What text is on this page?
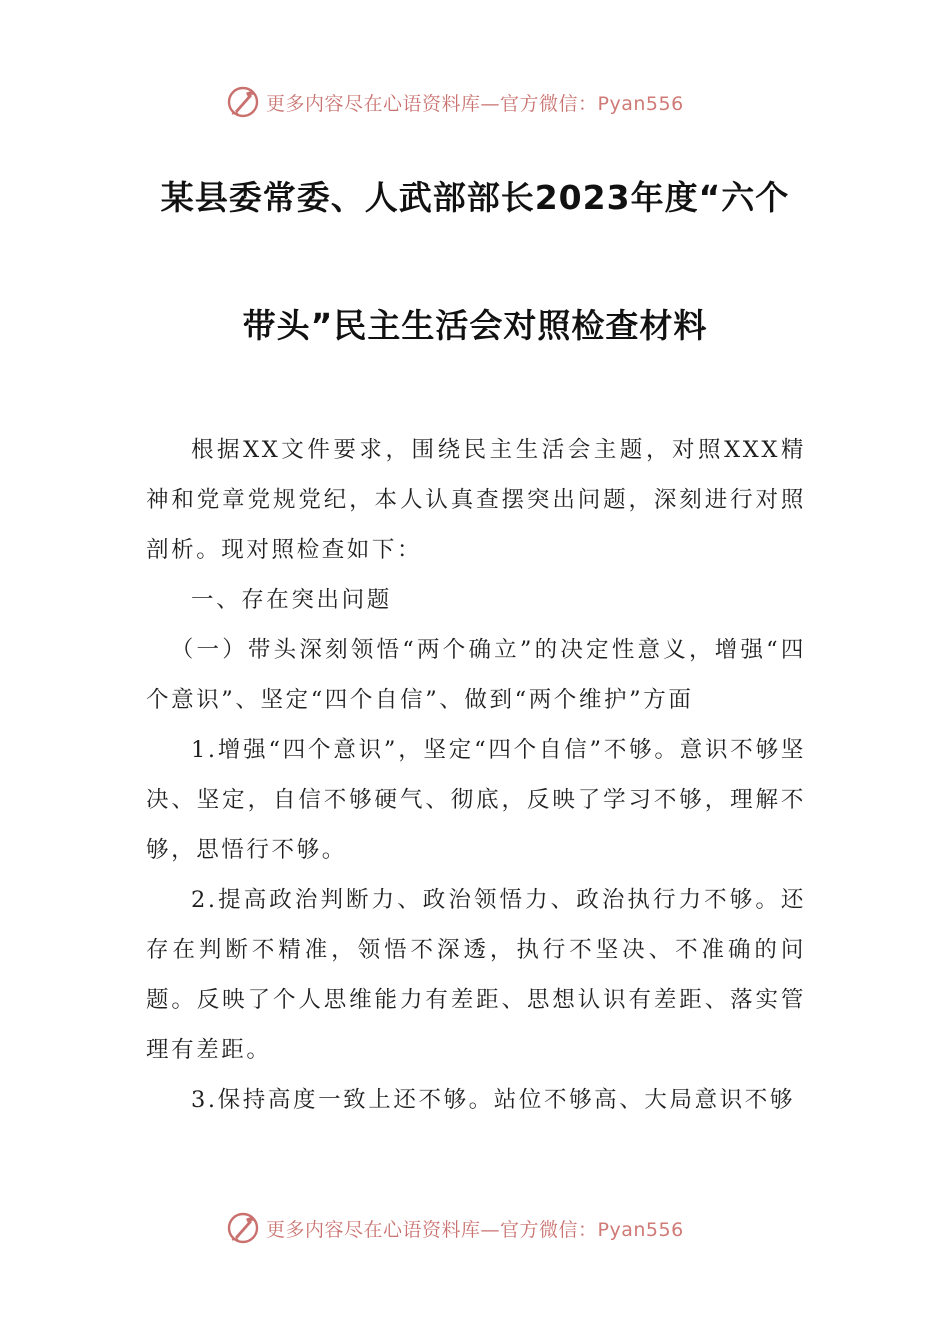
更多内容尽在心语资料库—官方微信：Pyan556
某县委常委、人武部部长2023年度“六个
带头”民主生活会对照检查材料

根据XX文件要求，围绕民主生活会主题，对照XXX精神和党章党规党纪，本人认真查摆突出问题，深刻进行对照剖析。现对照检查如下：

一、存在突出问题

（一）带头深刻领悟“两个确立”的决定性意义，增强“四个意识”、坚定“四个自信”、做到“两个维护”方面

1.增强“四个意识”，坚定“四个自信”不够。意识不够坚决、坚定，自信不够硬气、彻底，反映了学习不够，理解不够，思悟行不够。

2.提高政治判断力、政治领悟力、政治执行力不够。还存在判断不精准，领悟不深透，执行不坚决、不准确的问题。反映了个人思维能力有差距、思想认识有差距、落实管理有差距。

3.保持高度一致上还不够。站位不够高、大局意识不够

更多内容尽在心语资料库—官方微信：Pyan556
